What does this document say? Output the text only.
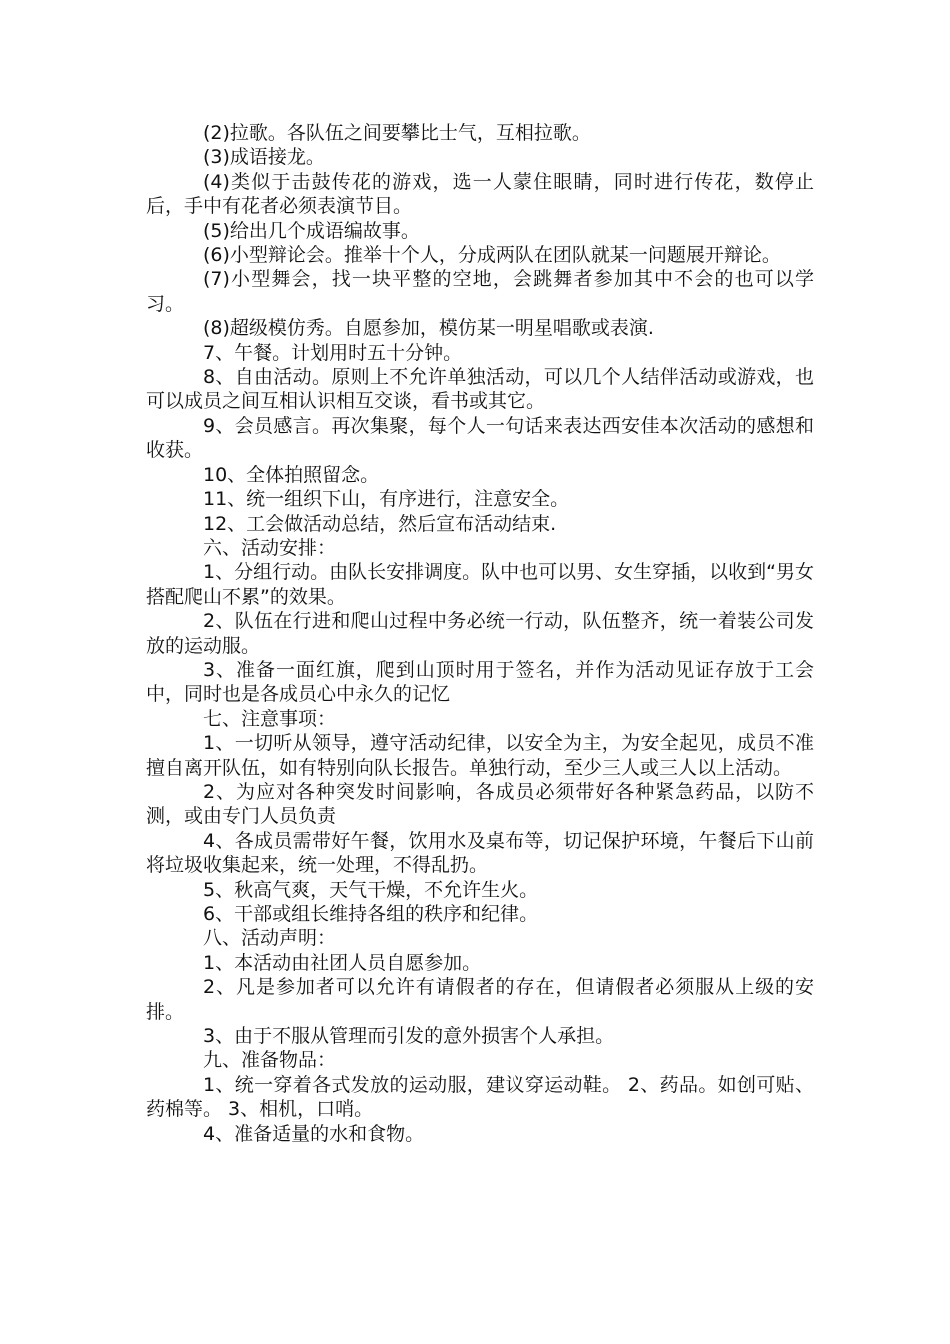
(2)拉歌。各队伍之间要攀比士气，互相拉歌。

(3)成语接龙。

(4)类似于击鼓传花的游戏，选一人蒙住眼睛，同时进行传花，数停止后，手中有花者必须表演节目。

(5)给出几个成语编故事。

(6)小型辩论会。推举十个人，分成两队在团队就某一问题展开辩论。

(7)小型舞会，找一块平整的空地，会跳舞者参加其中不会的也可以学习。

(8)超级模仿秀。自愿参加，模仿某一明星唱歌或表演.

7、午餐。计划用时五十分钟。

8、自由活动。原则上不允许单独活动，可以几个人结伴活动或游戏，也可以成员之间互相认识相互交谈，看书或其它。

9、会员感言。再次集聚，每个人一句话来表达西安佳本次活动的感想和收获。

10、全体拍照留念。

11、统一组织下山，有序进行，注意安全。

12、工会做活动总结，然后宣布活动结束.

六、活动安排：

1、分组行动。由队长安排调度。队中也可以男、女生穿插，以收到“男女搭配爬山不累”的效果。

2、队伍在行进和爬山过程中务必统一行动，队伍整齐，统一着装公司发放的运动服。

3、准备一面红旗，爬到山顶时用于签名，并作为活动见证存放于工会中，同时也是各成员心中永久的记忆

七、注意事项：

1、一切听从领导，遵守活动纪律，以安全为主，为安全起见，成员不准擅自离开队伍，如有特别向队长报告。单独行动，至少三人或三人以上活动。

2、为应对各种突发时间影响，各成员必须带好各种紧急药品，以防不测，或由专门人员负责

4、各成员需带好午餐，饮用水及桌布等，切记保护环境，午餐后下山前将垃圾收集起来，统一处理，不得乱扔。

5、秋高气爽，天气干燥，不允许生火。

6、干部或组长维持各组的秩序和纪律。

八、活动声明：

1、本活动由社团人员自愿参加。

2、凡是参加者可以允许有请假者的存在，但请假者必须服从上级的安排。

3、由于不服从管理而引发的意外损害个人承担。

九、准备物品：

1、统一穿着各式发放的运动服，建议穿运动鞋。 2、药品。如创可贴、药棉等。 3、相机，口哨。

4、准备适量的水和食物。
